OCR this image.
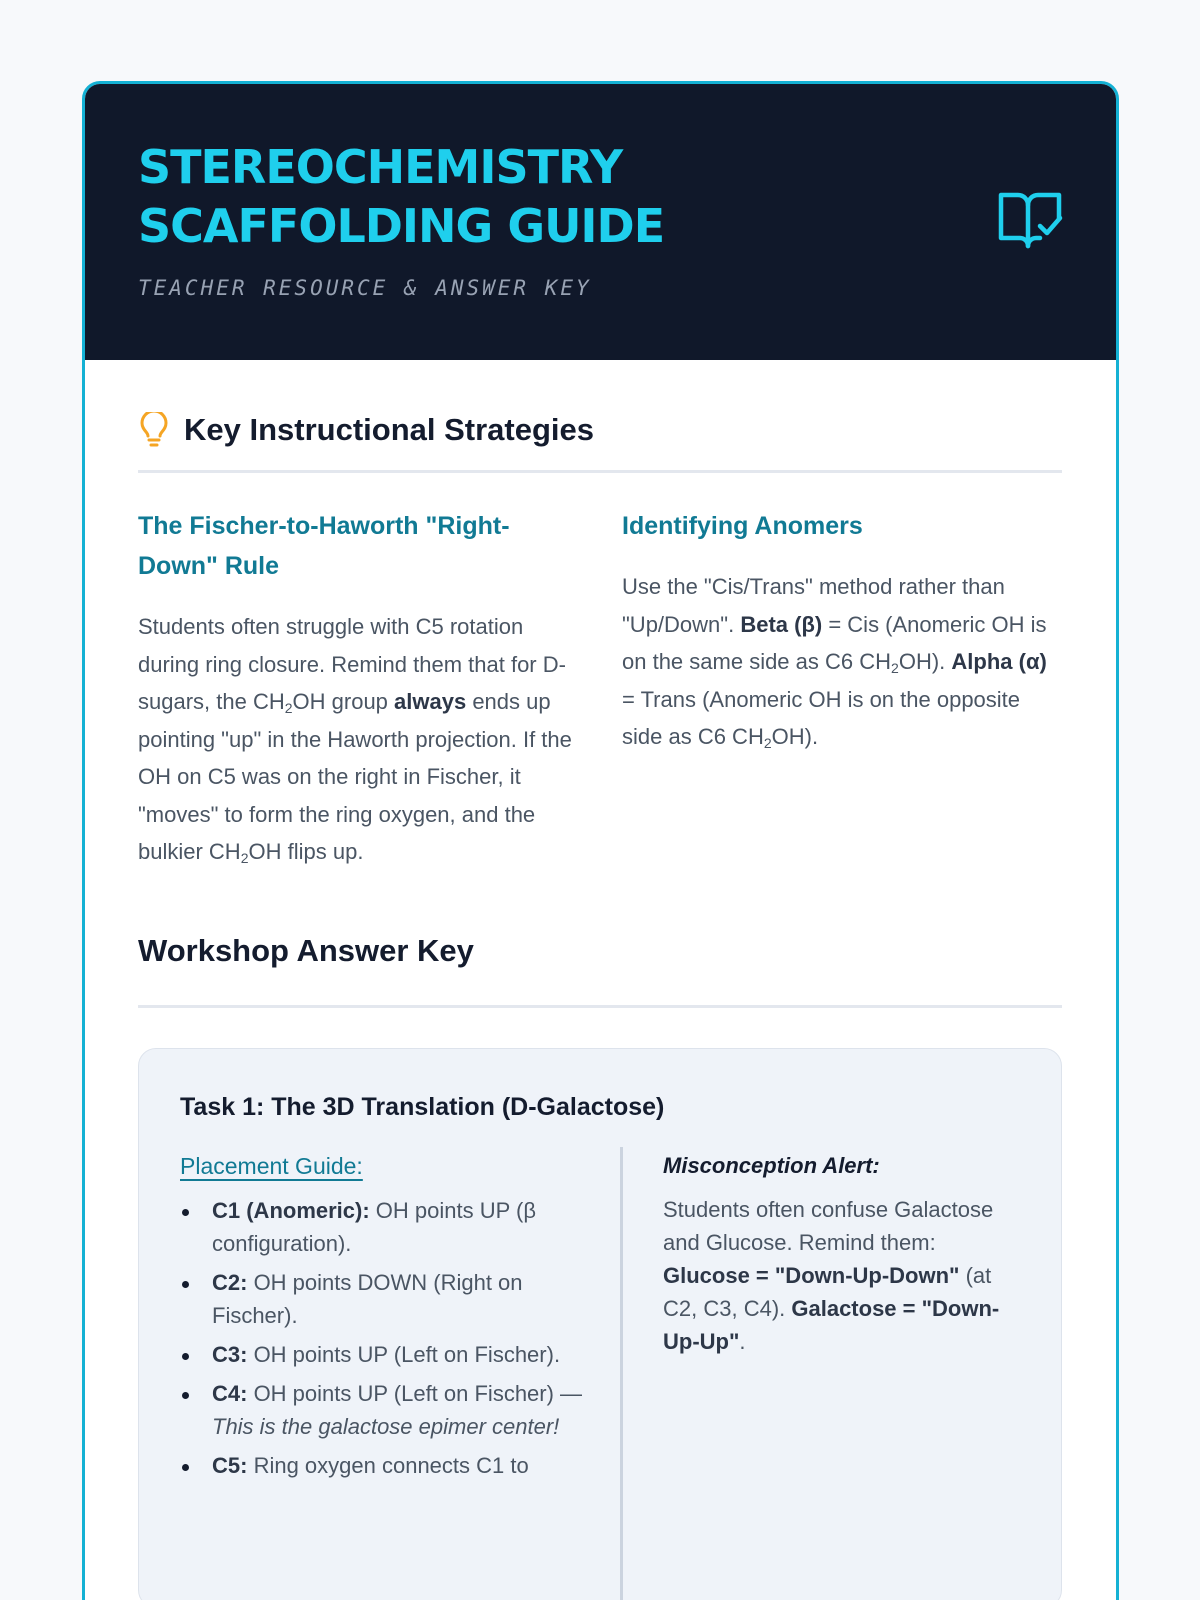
STEREOCHEMISTRY SCAFFOLDING GUIDE
TEACHER RESOURCE & ANSWER KEY
Key Instructional Strategies
The Fischer-to-Haworth "Right-Down" Rule

Students often struggle with C5 rotation during ring closure. Remind them that for D-sugars, the $CH_2OH$ group always ends up pointing "up" in the Haworth projection. If the OH on C5 was on the right in Fischer, it "moves" to form the ring oxygen, and the bulkier $CH_2OH$ flips up.

Identifying Anomers

Use the "Cis/Trans" method rather than "Up/Down". Beta (β) = Cis (Anomeric OH is on the same side as C6 $CH_2OH$). Alpha (α) = Trans (Anomeric OH is on the opposite side as C6 $CH_2OH$).

Workshop Answer Key
Task 1: The 3D Translation (D-Galactose)
Placement Guide:
C1 (Anomeric): OH points UP (β configuration).
C2: OH points DOWN (Right on Fischer).
C3: OH points UP (Left on Fischer).
C4: OH points UP (Left on Fischer) — This is the galactose epimer center!
C5: Ring oxygen connects C1 to
Misconception Alert:
Students often confuse Galactose and Glucose. Remind them: Glucose = "Down-Up-Down" (at C2, C3, C4). Galactose = "Down-Up-Up".
